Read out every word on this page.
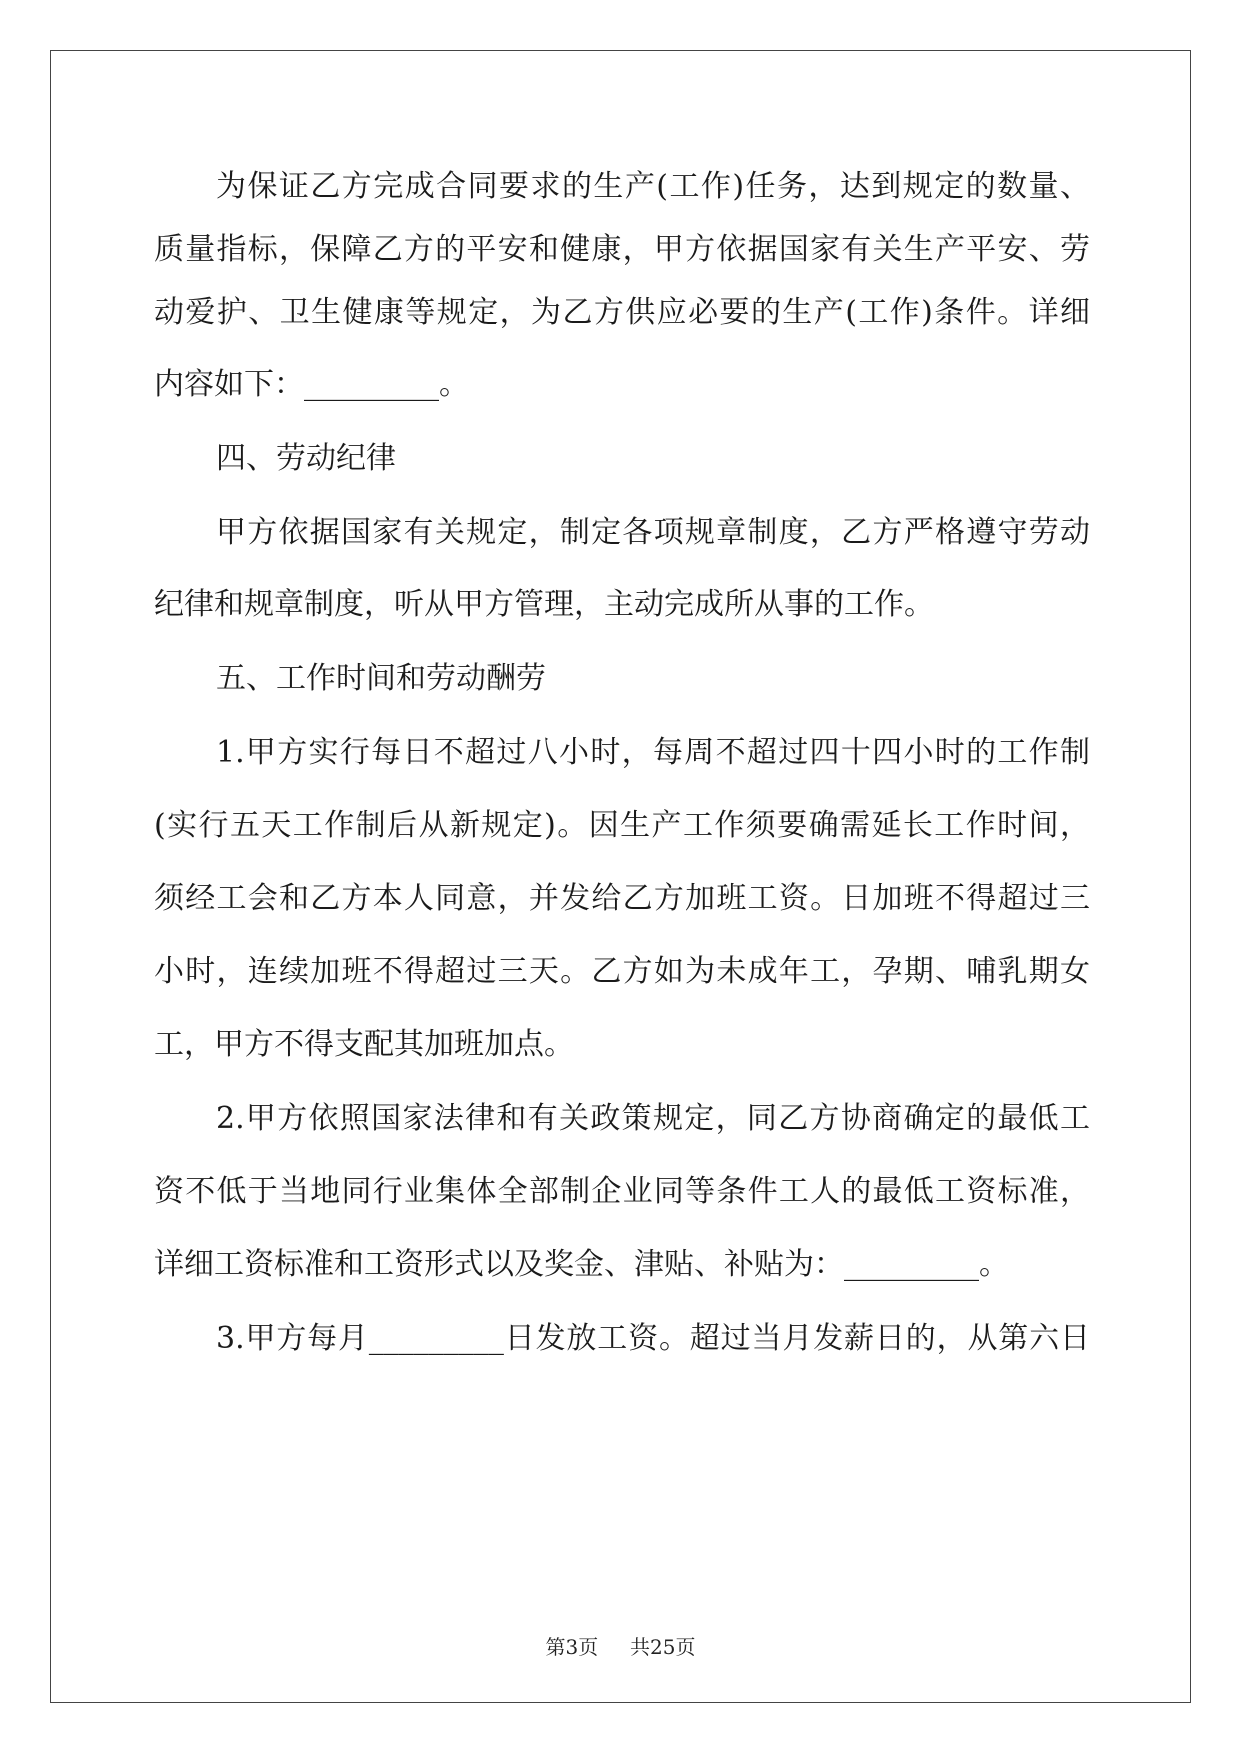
为保证乙方完成合同要求的生产(工作)任务，达到规定的数量、
质量指标，保障乙方的平安和健康，甲方依据国家有关生产平安、劳
动爱护、卫生健康等规定，为乙方供应必要的生产(工作)条件。详细
内容如下：_________。
四、劳动纪律
甲方依据国家有关规定，制定各项规章制度，乙方严格遵守劳动
纪律和规章制度，听从甲方管理，主动完成所从事的工作。
五、工作时间和劳动酬劳
1.甲方实行每日不超过八小时，每周不超过四十四小时的工作制
(实行五天工作制后从新规定)。因生产工作须要确需延长工作时间，
须经工会和乙方本人同意，并发给乙方加班工资。日加班不得超过三
小时，连续加班不得超过三天。乙方如为未成年工，孕期、哺乳期女
工，甲方不得支配其加班加点。
2.甲方依照国家法律和有关政策规定，同乙方协商确定的最低工
资不低于当地同行业集体全部制企业同等条件工人的最低工资标准，
详细工资标准和工资形式以及奖金、津贴、补贴为：_________。
3.甲方每月_________日发放工资。超过当月发薪日的，从第六日
第3页 共25页
